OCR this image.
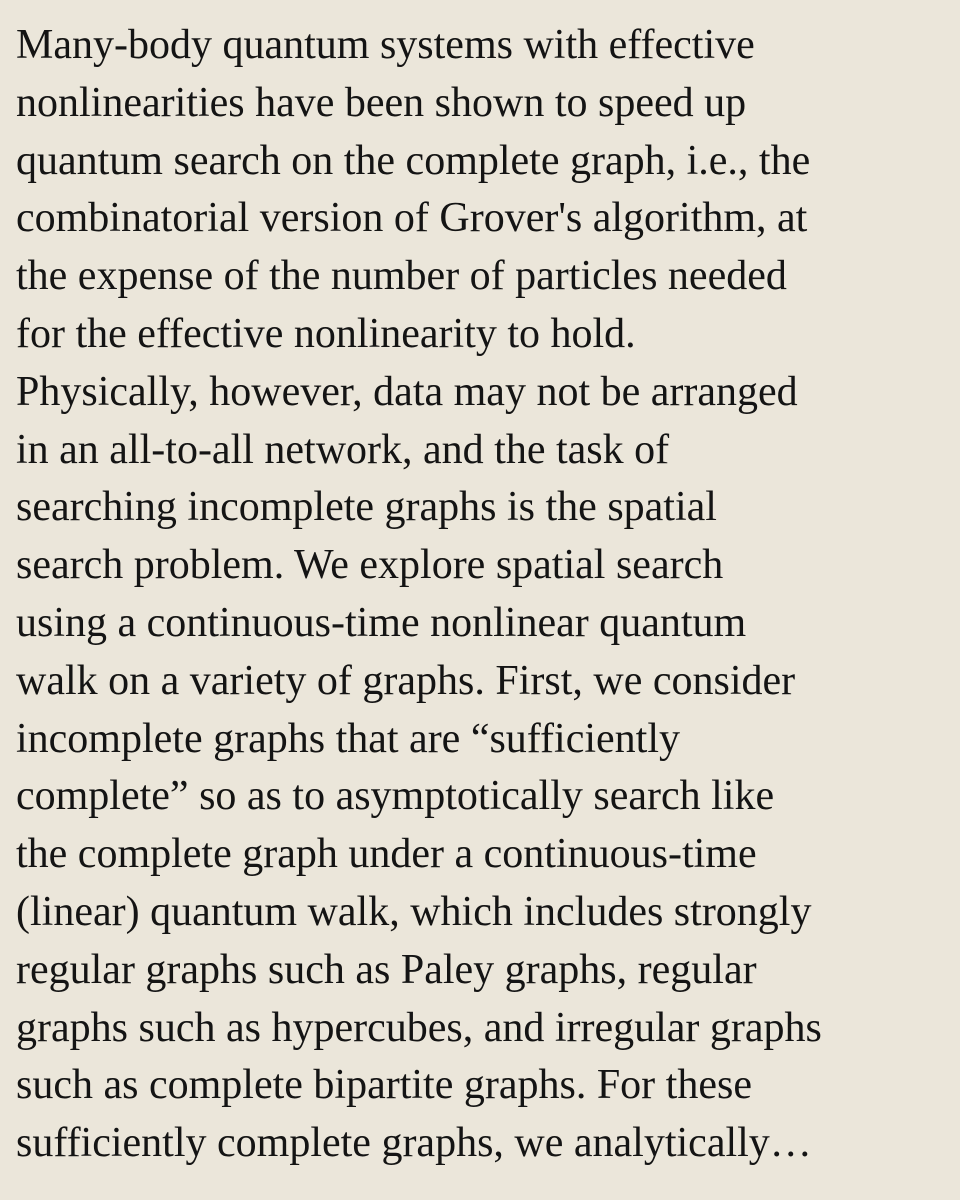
Many-body quantum systems with effective
nonlinearities have been shown to speed up
quantum search on the complete graph, i.e., the
combinatorial version of Grover's algorithm, at
the expense of the number of particles needed
for the effective nonlinearity to hold.
Physically, however, data may not be arranged
in an all-to-all network, and the task of
searching incomplete graphs is the spatial
search problem. We explore spatial search
using a continuous-time nonlinear quantum
walk on a variety of graphs. First, we consider
incomplete graphs that are “sufficiently
complete” so as to asymptotically search like
the complete graph under a continuous-time
(linear) quantum walk, which includes strongly
regular graphs such as Paley graphs, regular
graphs such as hypercubes, and irregular graphs
such as complete bipartite graphs. For these
sufficiently complete graphs, we analytically…
